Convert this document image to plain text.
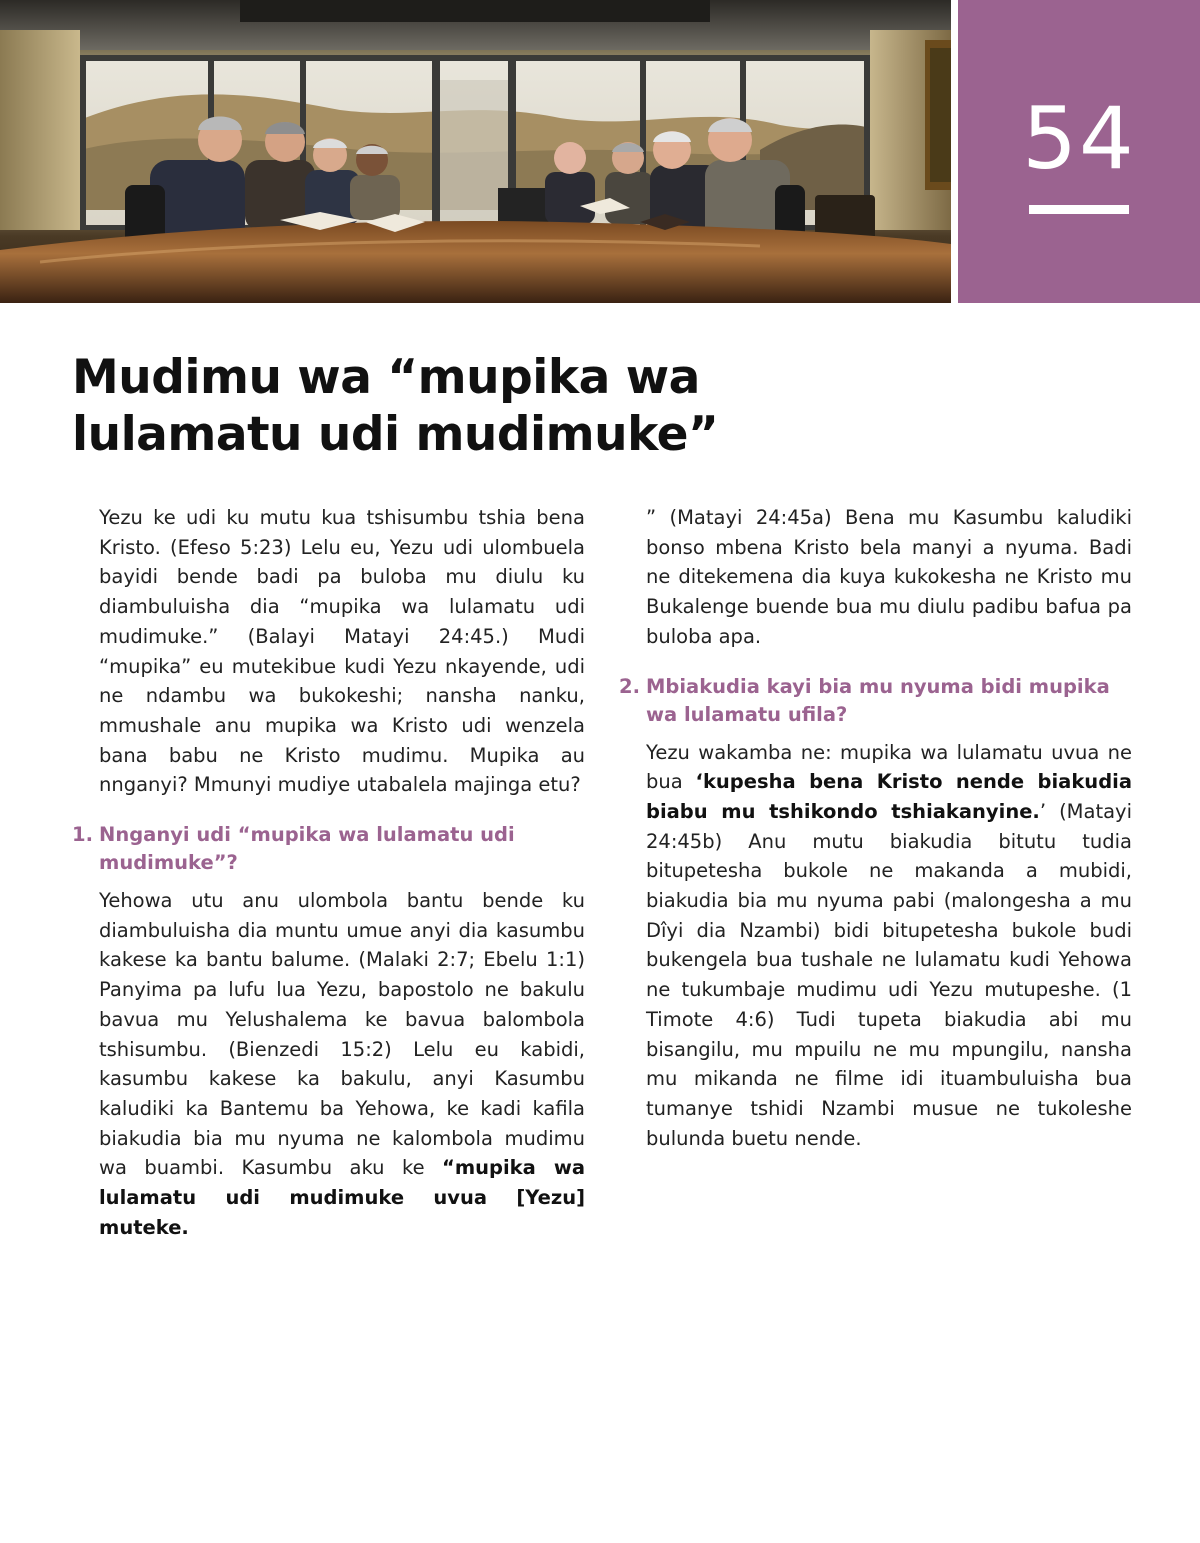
54
Mudimu wa “mupika wa lulamatu udi mudimuke”

Yezu ke udi ku mutu kua tshisumbu tshia bena Kristo. (Efeso 5:23) Lelu eu, Yezu udi ulombuela bayidi bende badi pa buloba mu diulu ku diambuluisha dia “mupika wa lulamatu udi mudimuke.” (Balayi Matayi 24:45.) Mudi “mupika” eu mutekibue kudi Yezu nkayende, udi ne ndambu wa bukokeshi; nansha nanku, mmushale anu mupika wa Kristo udi wenzela bana babu ne Kristo mudimu. Mupika au nnganyi? Mmunyi mudiye utabalela majinga etu?

1. Nnganyi udi “mupika wa lulamatu udi mudimuke”?

Yehowa utu anu ulombola bantu bende ku diambuluisha dia muntu umue anyi dia kasumbu kakese ka bantu balume. (Malaki 2:7; Ebelu 1:1) Panyima pa lufu lua Yezu, bapostolo ne bakulu bavua mu Yelushalema ke bavua balombola tshisumbu. (Bienzedi 15:2) Lelu eu kabidi, kasumbu kakese ka bakulu, anyi Kasumbu kaludiki ka Bantemu ba Yehowa, ke kadi kafila biakudia bia mu nyuma ne kalombola mudimu wa buambi. Kasumbu aku ke “mupika wa lulamatu udi mudimuke uvua [Yezu] muteke.

” (Matayi 24:45a) Bena mu Kasumbu kaludiki bonso mbena Kristo bela manyi a nyuma. Badi ne ditekemena dia kuya kukokesha ne Kristo mu Bukalenge buende bua mu diulu padibu bafua pa buloba apa.

2. Mbiakudia kayi bia mu nyuma bidi mupika wa lulamatu ufila?

Yezu wakamba ne: mupika wa lulamatu uvua ne bua ‘kupesha bena Kristo nende biakudia biabu mu tshikondo tshiakanyine.’ (Matayi 24:45b) Anu mutu biakudia bitutu tudia bitupetesha bukole ne makanda a mubidi, biakudia bia mu nyuma pabi (malongesha a mu Dîyi dia Nzambi) bidi bitupetesha bukole budi bukengela bua tushale ne lulamatu kudi Yehowa ne tukumbaje mudimu udi Yezu mutupeshe. (1 Timote 4:6) Tudi tupeta biakudia abi mu bisangilu, mu mpuilu ne mu mpungilu, nansha mu mikanda ne filme idi ituambuluisha bua tumanye tshidi Nzambi musue ne tukoleshe bulunda buetu nende.
